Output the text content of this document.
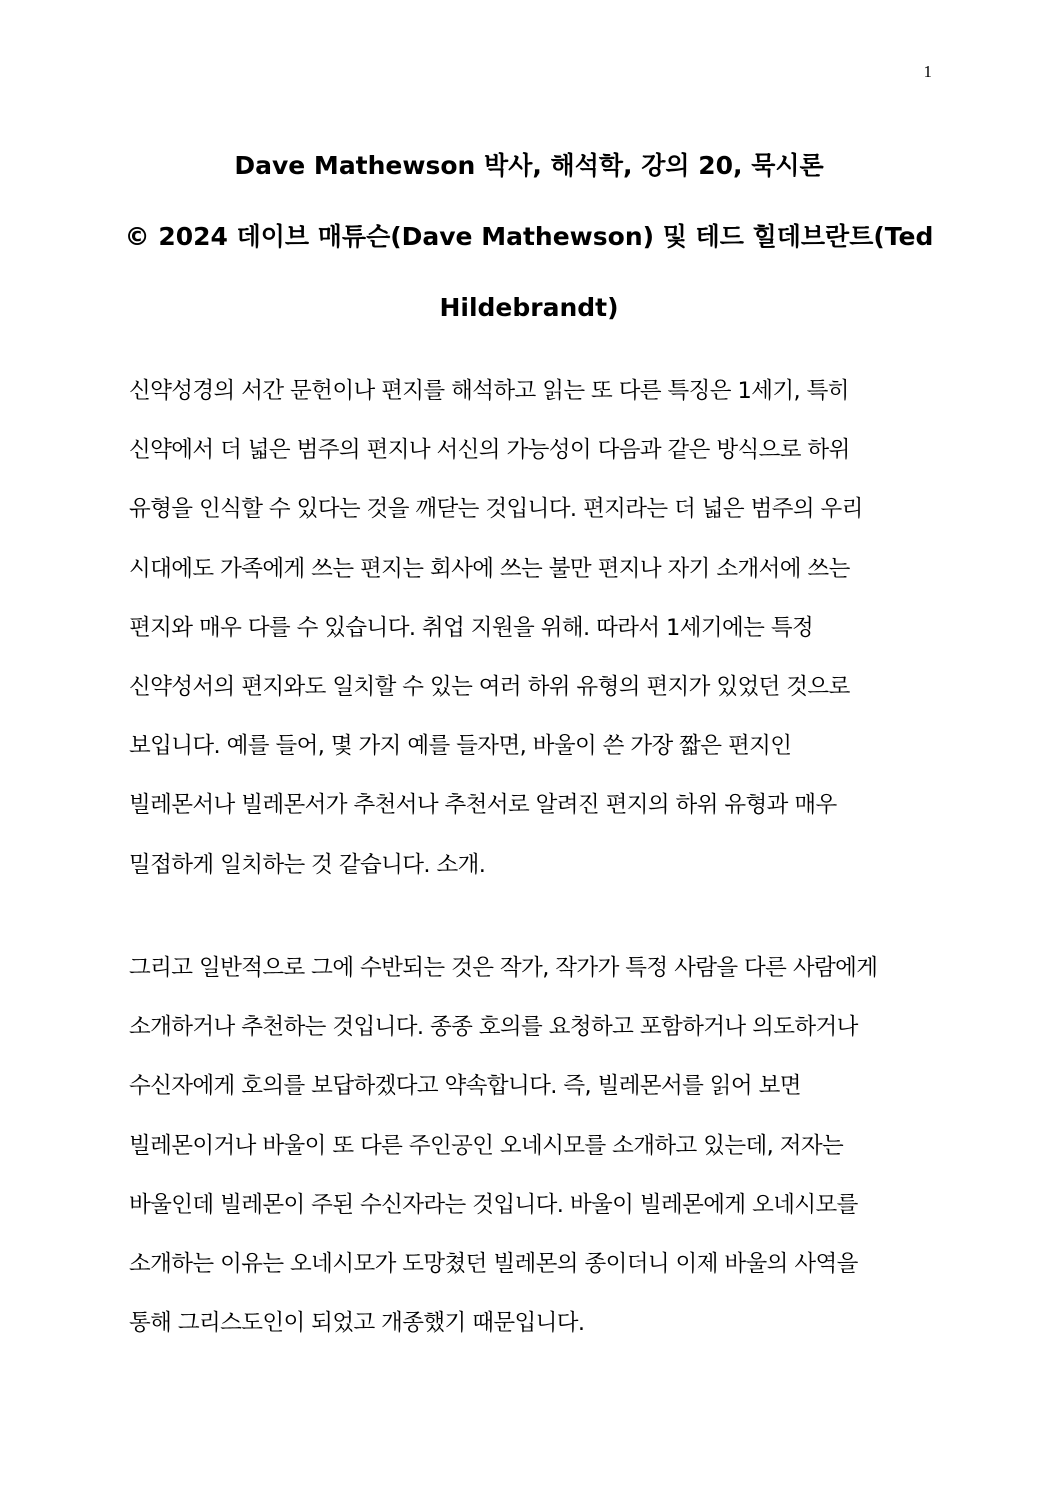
1
Dave Mathewson 박사, 해석학, 강의 20, 묵시론
© 2024 데이브 매튜슨(Dave Mathewson) 및 테드 힐데브란트(Ted
Hildebrandt)
신약성경의 서간 문헌이나 편지를 해석하고 읽는 또 다른 특징은 1세기, 특히
신약에서 더 넓은 범주의 편지나 서신의 가능성이 다음과 같은 방식으로 하위
유형을 인식할 수 있다는 것을 깨닫는 것입니다. 편지라는 더 넓은 범주의 우리
시대에도 가족에게 쓰는 편지는 회사에 쓰는 불만 편지나 자기 소개서에 쓰는
편지와 매우 다를 수 있습니다. 취업 지원을 위해. 따라서 1세기에는 특정
신약성서의 편지와도 일치할 수 있는 여러 하위 유형의 편지가 있었던 것으로
보입니다. 예를 들어, 몇 가지 예를 들자면, 바울이 쓴 가장 짧은 편지인
빌레몬서나 빌레몬서가 추천서나 추천서로 알려진 편지의 하위 유형과 매우
밀접하게 일치하는 것 같습니다. 소개.
그리고 일반적으로 그에 수반되는 것은 작가, 작가가 특정 사람을 다른 사람에게
소개하거나 추천하는 것입니다. 종종 호의를 요청하고 포함하거나 의도하거나
수신자에게 호의를 보답하겠다고 약속합니다. 즉, 빌레몬서를 읽어 보면
빌레몬이거나 바울이 또 다른 주인공인 오네시모를 소개하고 있는데, 저자는
바울인데 빌레몬이 주된 수신자라는 것입니다. 바울이 빌레몬에게 오네시모를
소개하는 이유는 오네시모가 도망쳤던 빌레몬의 종이더니 이제 바울의 사역을
통해 그리스도인이 되었고 개종했기 때문입니다.
